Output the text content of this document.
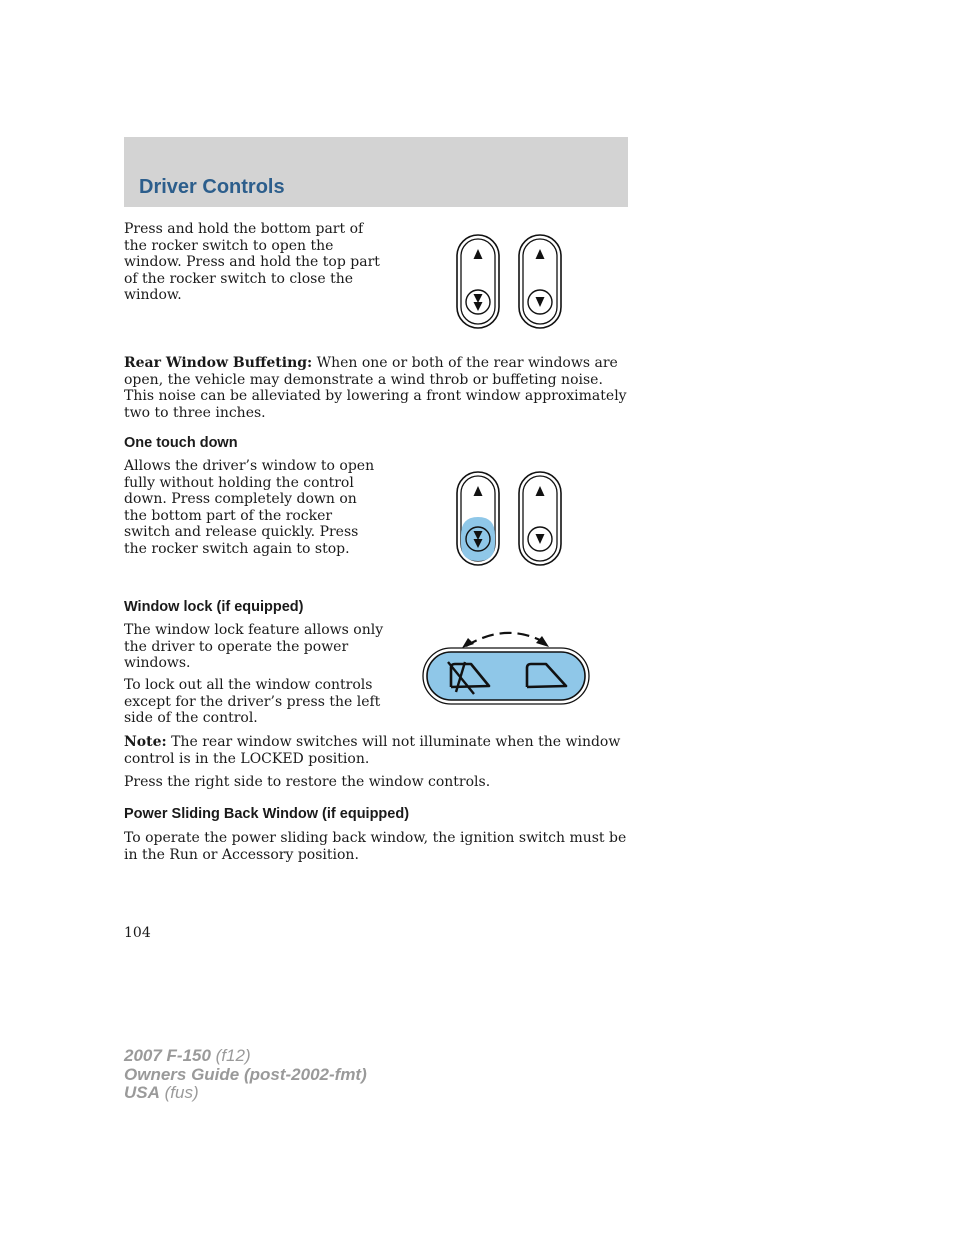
Driver Controls

Press and hold the bottom part of the rocker switch to open the window. Press and hold the top part of the rocker switch to close the window.

Rear Window Buffeting: When one or both of the rear windows are open, the vehicle may demonstrate a wind throb or buffeting noise. This noise can be alleviated by lowering a front window approximately two to three inches.

One touch down

Allows the driver’s window to open fully without holding the control down. Press completely down on the bottom part of the rocker switch and release quickly. Press the rocker switch again to stop.

Window lock (if equipped)

The window lock feature allows only the driver to operate the power windows.

To lock out all the window controls except for the driver’s press the left side of the control.

Note: The rear window switches will not illuminate when the window control is in the LOCKED position.

Press the right side to restore the window controls.

Power Sliding Back Window (if equipped)

To operate the power sliding back window, the ignition switch must be in the Run or Accessory position.

104
2007 F-150 (f12)
Owners Guide (post-2002-fmt)
USA (fus)
